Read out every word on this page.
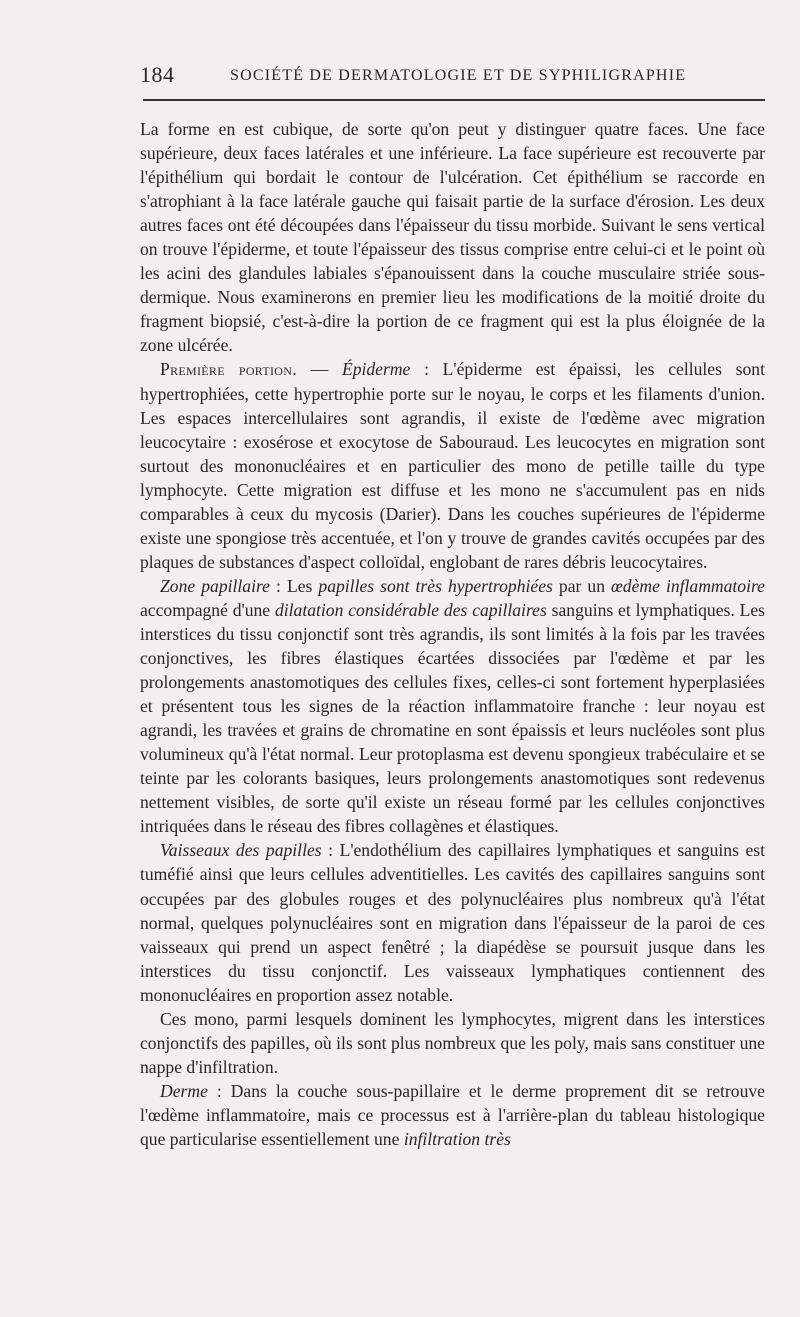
184	SOCIÉTÉ DE DERMATOLOGIE ET DE SYPHILIGRAPHIE

La forme en est cubique, de sorte qu'on peut y distinguer quatre faces. Une face supérieure, deux faces latérales et une inférieure. La face supérieure est recouverte par l'épithélium qui bordait le contour de l'ulcération. Cet épithélium se raccorde en s'atrophiant à la face latérale gauche qui faisait partie de la surface d'érosion. Les deux autres faces ont été découpées dans l'épaisseur du tissu morbide. Suivant le sens vertical on trouve l'épiderme, et toute l'épaisseur des tissus comprise entre celui-ci et le point où les acini des glandules labiales s'épanouissent dans la couche musculaire striée sous-dermique. Nous examinerons en premier lieu les modifications de la moitié droite du fragment biopsié, c'est-à-dire la portion de ce fragment qui est la plus éloignée de la zone ulcérée.

Première portion. — Épiderme : L'épiderme est épaissi, les cellules sont hypertrophiées, cette hypertrophie porte sur le noyau, le corps et les filaments d'union. Les espaces intercellulaires sont agrandis, il existe de l'œdème avec migration leucocytaire : exosérose et exocytose de Sabouraud. Les leucocytes en migration sont surtout des mononucléaires et en particulier des mono de petille taille du type lymphocyte. Cette migration est diffuse et les mono ne s'accumulent pas en nids comparables à ceux du mycosis (Darier). Dans les couches supérieures de l'épiderme existe une spongiose très accentuée, et l'on y trouve de grandes cavités occupées par des plaques de substances d'aspect colloïdal, englobant de rares débris leucocytaires.

Zone papillaire : Les papilles sont très hypertrophiées par un œdème inflammatoire accompagné d'une dilatation considérable des capillaires sanguins et lymphatiques. Les interstices du tissu conjonctif sont très agrandis, ils sont limités à la fois par les travées conjonctives, les fibres élastiques écartées dissociées par l'œdème et par les prolongements anastomotiques des cellules fixes, celles-ci sont fortement hyperplasiées et présentent tous les signes de la réaction inflammatoire franche : leur noyau est agrandi, les travées et grains de chromatine en sont épaissis et leurs nucléoles sont plus volumineux qu'à l'état normal. Leur protoplasma est devenu spongieux trabéculaire et se teinte par les colorants basiques, leurs prolongements anastomotiques sont redevenus nettement visibles, de sorte qu'il existe un réseau formé par les cellules conjonctives intriquées dans le réseau des fibres collagènes et élastiques.

Vaisseaux des papilles : L'endothélium des capillaires lymphatiques et sanguins est tuméfié ainsi que leurs cellules adventitielles. Les cavités des capillaires sanguins sont occupées par des globules rouges et des polynucléaires plus nombreux qu'à l'état normal, quelques polynucléaires sont en migration dans l'épaisseur de la paroi de ces vaisseaux qui prend un aspect fenêtré ; la diapédèse se poursuit jusque dans les interstices du tissu conjonctif. Les vaisseaux lymphatiques contiennent des mononucléaires en proportion assez notable.

Ces mono, parmi lesquels dominent les lymphocytes, migrent dans les interstices conjonctifs des papilles, où ils sont plus nombreux que les poly, mais sans constituer une nappe d'infiltration.

Derme : Dans la couche sous-papillaire et le derme proprement dit se retrouve l'œdème inflammatoire, mais ce processus est à l'arrière-plan du tableau histologique que particularise essentiellement une infiltration très
